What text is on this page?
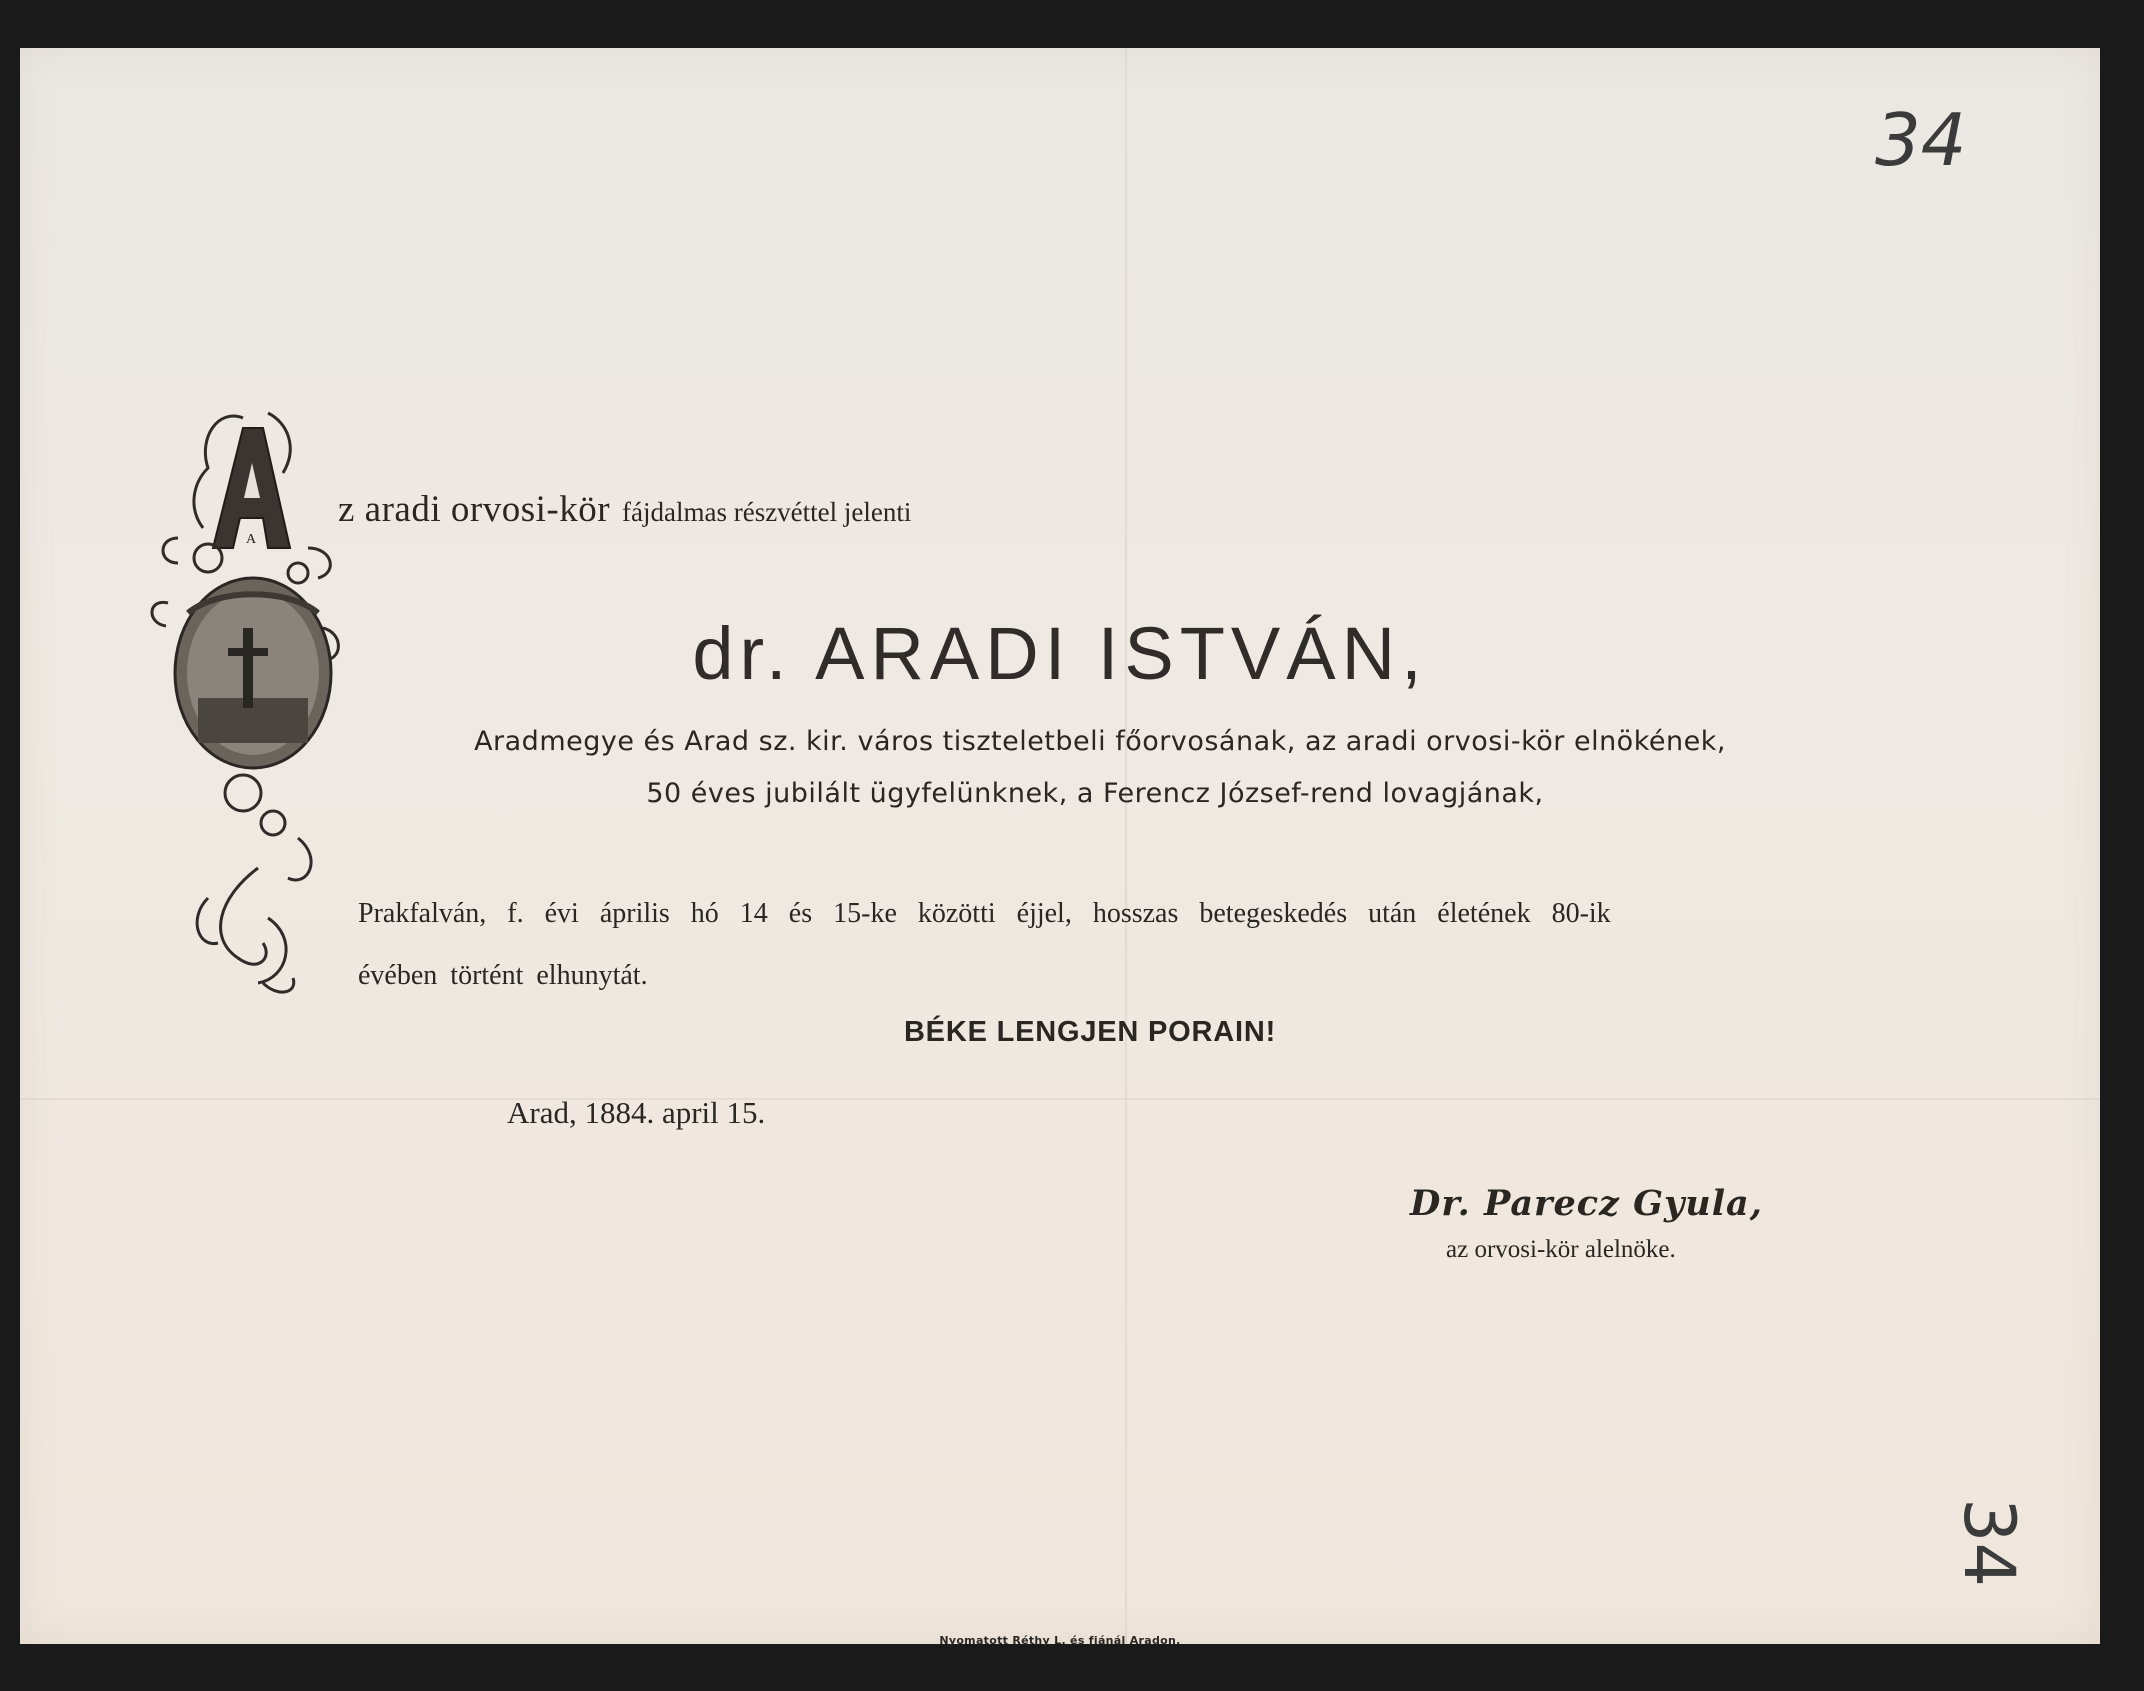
34
34
A
z aradi orvosi-kör fájdalmas részvéttel jelenti
dr. ARADI ISTVÁN,
Aradmegye és Arad sz. kir. város tiszteletbeli főorvosának, az aradi orvosi-kör elnökének,
50 éves jubilált ügyfelünknek, a Ferencz József-rend lovagjának,
Prakfalván, f. évi április hó 14 és 15-ke közötti éjjel, hosszas betegeskedés után életének 80-ik
évében történt elhunytát.
BÉKE LENGJEN PORAIN!
Arad, 1884. april 15.
Dr. Parecz Gyula,
az orvosi-kör alelnöke.
Nyomatott Réthy L. és fiánál Aradon.
